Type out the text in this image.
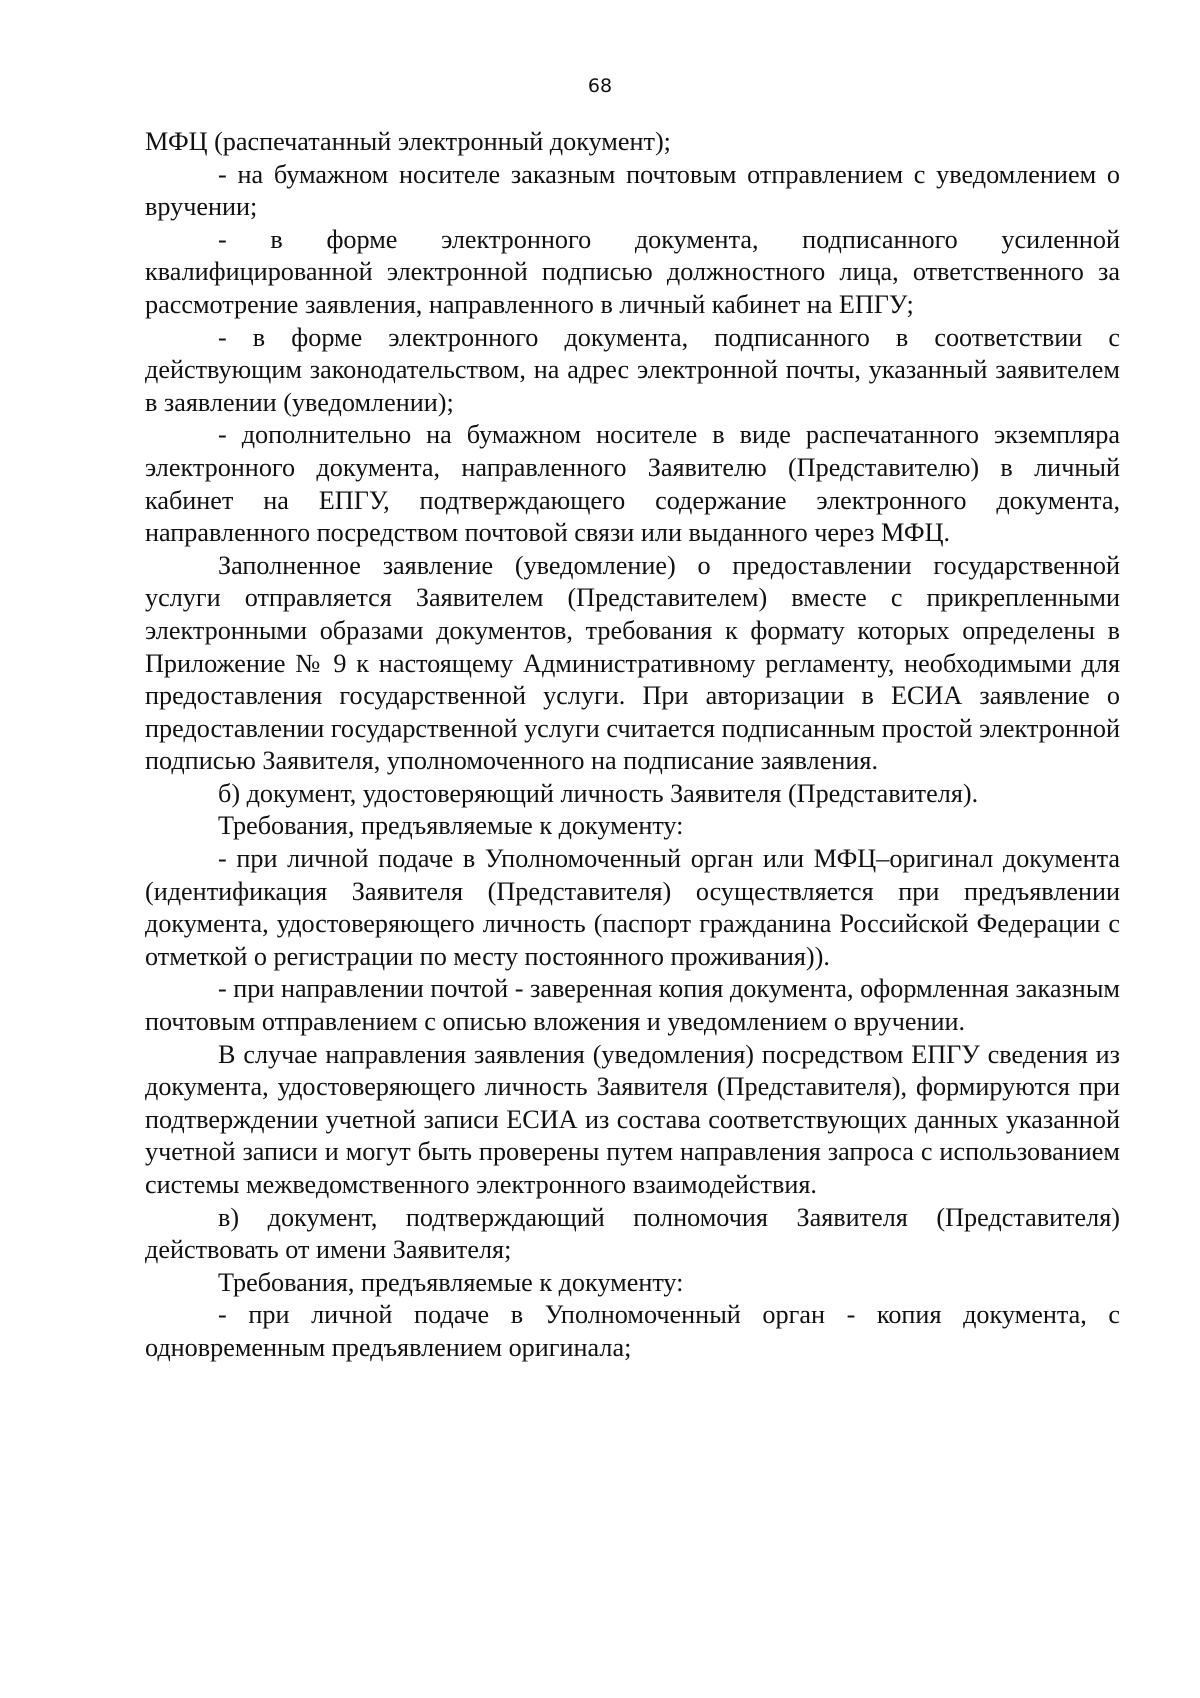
68

МФЦ (распечатанный электронный документ);

- на бумажном носителе заказным почтовым отправлением с уведомлением о вручении;

- в форме электронного документа, подписанного усиленной квалифицированной электронной подписью должностного лица, ответственного за рассмотрение заявления, направленного в личный кабинет на ЕПГУ;

- в форме электронного документа, подписанного в соответствии с действующим законодательством, на адрес электронной почты, указанный заявителем в заявлении (уведомлении);

- дополнительно на бумажном носителе в виде распечатанного экземпляра электронного документа, направленного Заявителю (Представителю) в личный кабинет на ЕПГУ, подтверждающего содержание электронного документа, направленного посредством почтовой связи или выданного через МФЦ.

Заполненное заявление (уведомление) о предоставлении государственной услуги отправляется Заявителем (Представителем) вместе с прикрепленными электронными образами документов, требования к формату которых определены в Приложение № 9 к настоящему Административному регламенту, необходимыми для предоставления государственной услуги. При авторизации в ЕСИА заявление о предоставлении государственной услуги считается подписанным простой электронной подписью Заявителя, уполномоченного на подписание заявления.

б) документ, удостоверяющий личность Заявителя (Представителя).

Требования, предъявляемые к документу:

- при личной подаче в Уполномоченный орган или МФЦ–оригинал документа (идентификация Заявителя (Представителя) осуществляется при предъявлении документа, удостоверяющего личность (паспорт гражданина Российской Федерации с отметкой о регистрации по месту постоянного проживания)).

- при направлении почтой - заверенная копия документа, оформленная заказным почтовым отправлением с описью вложения и уведомлением о вручении.

В случае направления заявления (уведомления) посредством ЕПГУ сведения из документа, удостоверяющего личность Заявителя (Представителя), формируются при подтверждении учетной записи ЕСИА из состава соответствующих данных указанной учетной записи и могут быть проверены путем направления запроса с использованием системы межведомственного электронного взаимодействия.

в) документ, подтверждающий полномочия Заявителя (Представителя) действовать от имени Заявителя;

Требования, предъявляемые к документу:

- при личной подаче в Уполномоченный орган - копия документа, с одновременным предъявлением оригинала;
